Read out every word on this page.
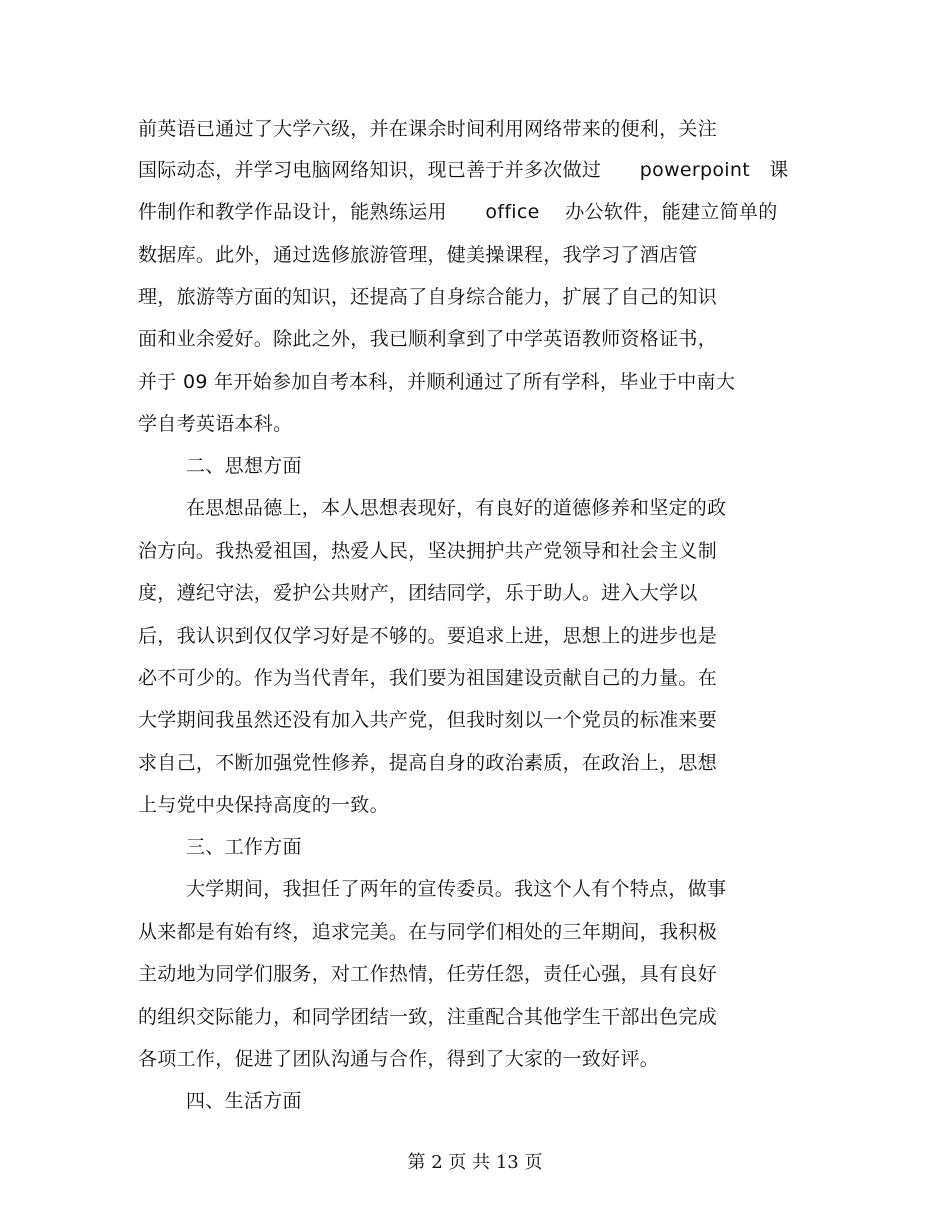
前英语已通过了大学六级，并在课余时间利用网络带来的便利，关注
国际动态，并学习电脑网络知识，现已善于并多次做过　　powerpoint　课
件制作和教学作品设计，能熟练运用　　office　 办公软件，能建立简单的
数据库。此外，通过选修旅游管理，健美操课程，我学习了酒店管
理，旅游等方面的知识，还提高了自身综合能力，扩展了自己的知识
面和业余爱好。除此之外，我已顺利拿到了中学英语教师资格证书，
并于 09 年开始参加自考本科，并顺利通过了所有学科，毕业于中南大
学自考英语本科。
二、思想方面
在思想品德上，本人思想表现好，有良好的道德修养和坚定的政
治方向。我热爱祖国，热爱人民，坚决拥护共产党领导和社会主义制
度，遵纪守法，爱护公共财产，团结同学，乐于助人。进入大学以
后，我认识到仅仅学习好是不够的。要追求上进，思想上的进步也是
必不可少的。作为当代青年，我们要为祖国建设贡献自己的力量。在
大学期间我虽然还没有加入共产党，但我时刻以一个党员的标准来要
求自己，不断加强党性修养，提高自身的政治素质，在政治上，思想
上与党中央保持高度的一致。
三、工作方面
大学期间，我担任了两年的宣传委员。我这个人有个特点，做事
从来都是有始有终，追求完美。在与同学们相处的三年期间，我积极
主动地为同学们服务，对工作热情，任劳任怨，责任心强，具有良好
的组织交际能力，和同学团结一致，注重配合其他学生干部出色完成
各项工作，促进了团队沟通与合作，得到了大家的一致好评。
四、生活方面
第 2 页 共 13 页
